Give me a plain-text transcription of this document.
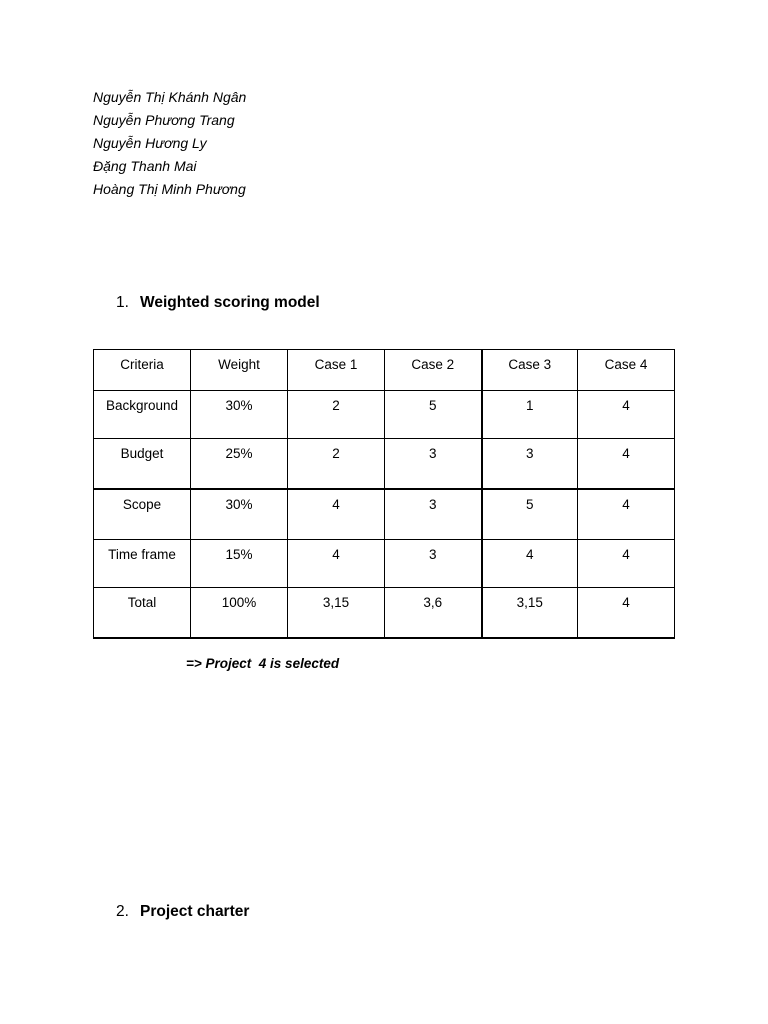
Nguyễn Thị Khánh Ngân
Nguyễn Phương Trang
Nguyễn Hương Ly
Đặng Thanh Mai
Hoàng Thị Minh Phương
1. Weighted scoring model
Criteria	Weight	Case 1	Case 2	Case 3	Case 4
Background	30%	2	5	1	4
Budget	25%	2	3	3	4
Scope	30%	4	3	5	4
Time frame	15%	4	3	4	4
Total	100%	3,15	3,6	3,15	4
=> Project  4 is selected
2. Project charter
